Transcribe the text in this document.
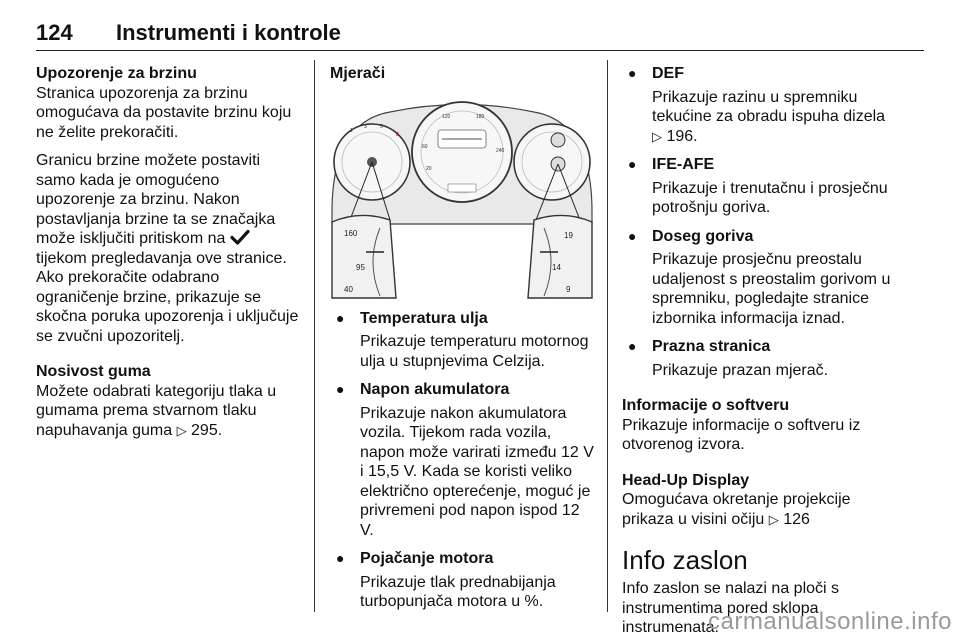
124 Instrumenti i kontrole

Upozorenje za brzinu

Stranica upozorenja za brzinu omogućava da postavite brzinu koju ne želite prekoračiti.

Granicu brzine možete postaviti samo kada je omogućeno upozorenje za brzinu. Nakon postavljanja brzine ta se značajka može isključiti pritiskom na  tijekom pregledavanja ove stranice. Ako prekoračite odabrano ograničenje brzine, prikazuje se skočna poruka upozorenja i uključuje se zvučni upozoritelj.

Nosivost guma

Možete odabrati kategoriju tlaka u gumama prema stvarnom tlaku napuhavanja guma ▷ 295.

Mjerači

1
3	5
8
20
60
120	180
240
160
95
40
19
14
9
● Temperatura ulja

Prikazuje temperaturu motornog ulja u stupnjevima Celzija.

● Napon akumulatora

Prikazuje nakon akumulatora vozila. Tijekom rada vozila, napon može varirati između 12 V i 15,5 V. Kada se koristi veliko električno opterećenje, moguć je privremeni pod napon ispod 12 V.

● Pojačanje motora

Prikazuje tlak prednabijanja turbopunjača motora u %.

● DEF

Prikazuje razinu u spremniku tekućine za obradu ispuha dizela ▷ 196.

● IFE-AFE

Prikazuje i trenutačnu i prosječnu potrošnju goriva.

● Doseg goriva

Prikazuje prosječnu preostalu udaljenost s preostalim gorivom u spremniku, pogledajte stranice izbornika informacija iznad.

● Prazna stranica

Prikazuje prazan mjerač.

Informacije o softveru

Prikazuje informacije o softveru iz otvorenog izvora.

Head-Up Display

Omogućava okretanje projekcije prikaza u visini očiju ▷ 126

Info zaslon

Info zaslon se nalazi na ploči s instrumentima pored sklopa instrumenata.

carmanualsonline.info
